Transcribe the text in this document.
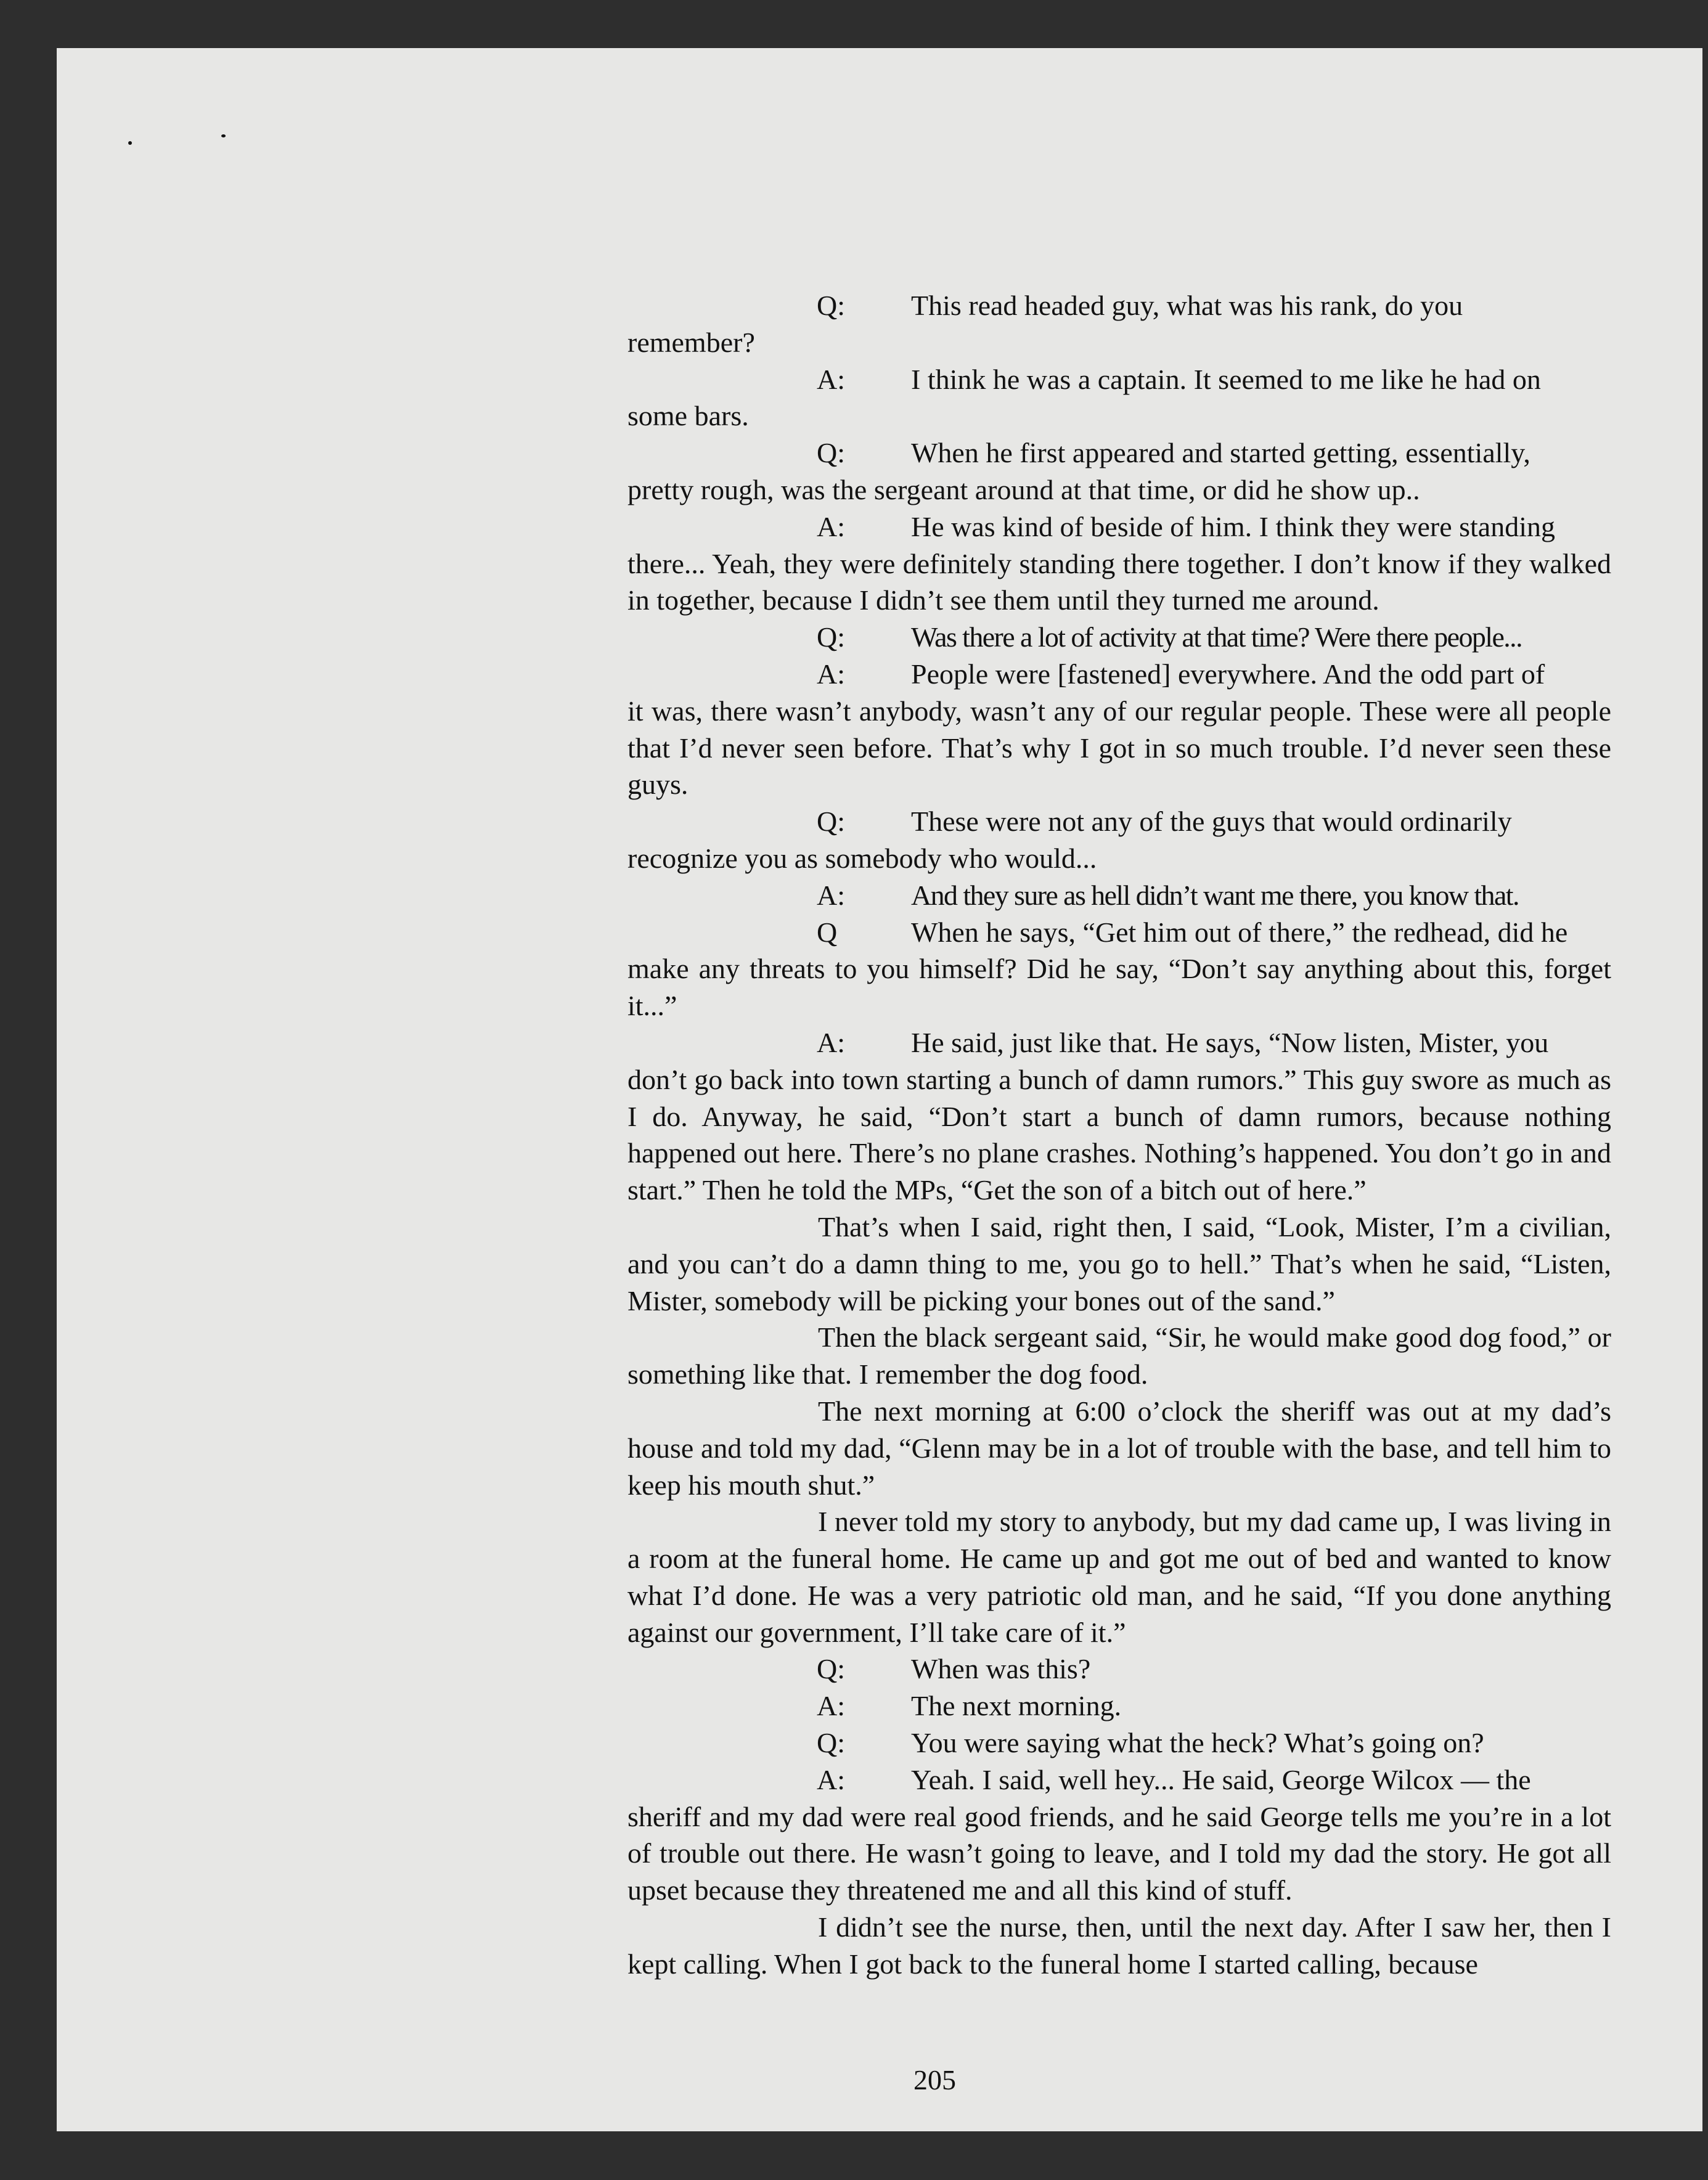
Q: This read headed guy, what was his rank, do you

remember?

A: I think he was a captain. It seemed to me like he had on

some bars.

Q: When he first appeared and started getting, essentially,

pretty rough, was the sergeant around at that time, or did he show up..

A: He was kind of beside of him. I think they were standing

there... Yeah, they were definitely standing there together. I don’t know if they walked in together, because I didn’t see them until they turned me around.

Q: Was there a lot of activity at that time? Were there people...
A: People were [fastened] everywhere. And the odd part of

it was, there wasn’t anybody, wasn’t any of our regular people. These were all people that I’d never seen before. That’s why I got in so much trouble. I’d never seen these guys.

Q: These were not any of the guys that would ordinarily

recognize you as somebody who would...

A: And they sure as hell didn’t want me there, you know that.
Q	When he says, “Get him out of there,” the redhead, did he

make any threats to you himself? Did he say, “Don’t say anything about this, forget it...”

A: He said, just like that. He says, “Now listen, Mister, you

don’t go back into town starting a bunch of damn rumors.” This guy swore as much as I do. Anyway, he said, “Don’t start a bunch of damn rumors, because nothing happened out here. There’s no plane crashes. Nothing’s happened. You don’t go in and start.” Then he told the MPs, “Get the son of a bitch out of here.”

That’s when I said, right then, I said, “Look, Mister, I’m a civilian, and you can’t do a damn thing to me, you go to hell.” That’s when he said, “Listen, Mister, somebody will be picking your bones out of the sand.”

Then the black sergeant said, “Sir, he would make good dog food,” or something like that. I remember the dog food.

The next morning at 6:00 o’clock the sheriff was out at my dad’s house and told my dad, “Glenn may be in a lot of trouble with the base, and tell him to keep his mouth shut.”

I never told my story to anybody, but my dad came up, I was living in a room at the funeral home. He came up and got me out of bed and wanted to know what I’d done. He was a very patriotic old man, and he said, “If you done anything against our government, I’ll take care of it.”

Q: When was this?
A: The next morning.
Q: You were saying what the heck? What’s going on?
A: Yeah. I said, well hey... He said, George Wilcox — the

sheriff and my dad were real good friends, and he said George tells me you’re in a lot of trouble out there. He wasn’t going to leave, and I told my dad the story. He got all upset because they threatened me and all this kind of stuff.

I didn’t see the nurse, then, until the next day. After I saw her, then I kept calling. When I got back to the funeral home I started calling, because

205
